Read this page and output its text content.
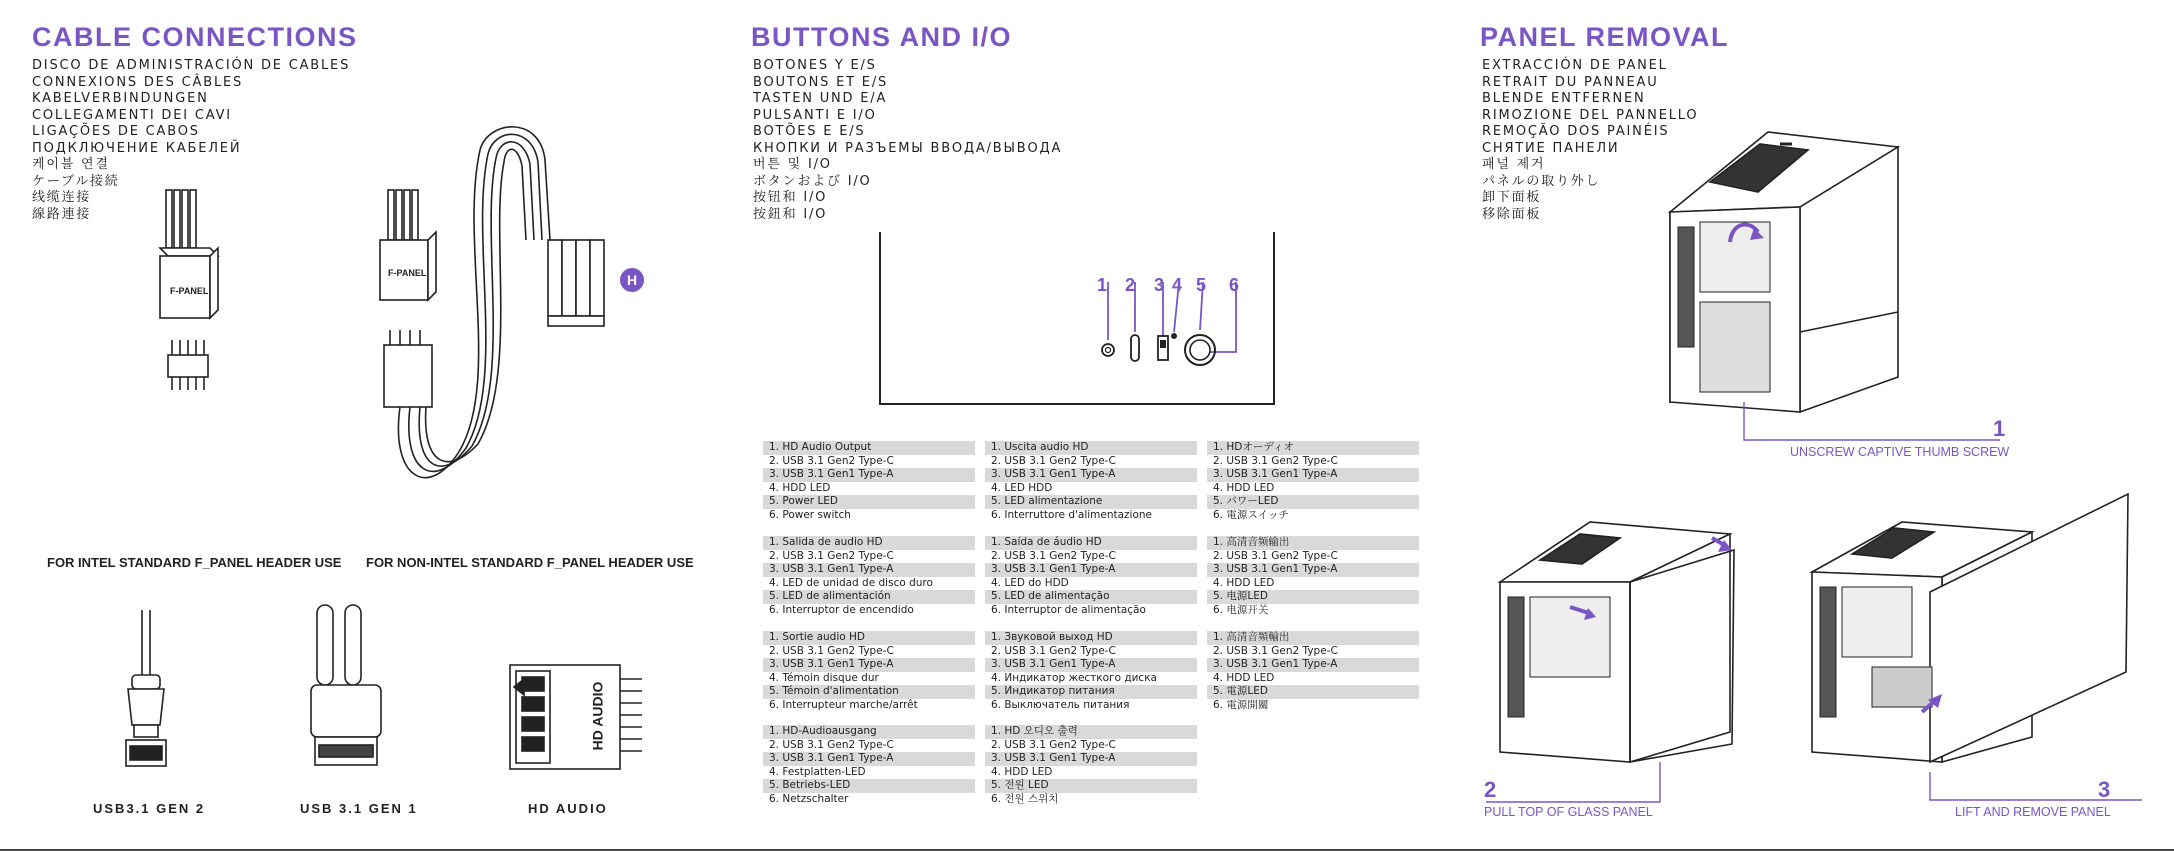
CABLE CONNECTIONS
DISCO DE ADMINISTRACIÓN DE CABLES
CONNEXIONS DES CÂBLES
KABELVERBINDUNGEN
COLLEGAMENTI DEI CAVI
LIGAÇÕES DE CABOS
ПОДКЛЮЧЕНИЕ КАБЕЛЕЙ
케이블 연결
ケーブル接続
线缆连接
線路連接
F-PANEL
F-PANEL	H
FOR INTEL STANDARD F_PANEL HEADER USE FOR NON-INTEL STANDARD F_PANEL HEADER USE
HD AUDIO
USB3.1 GEN 2	USB 3.1 GEN 1	HD AUDIO
BUTTONS AND I/O
BOTONES Y E/S
BOUTONS ET E/S
TASTEN UND E/A
PULSANTI E I/O
BOTÕES E E/S
КНОПКИ И РАЗЪЕМЫ ВВОДА/ВЫВОДА
버튼 및 I/O
ボタンおよび I/O
按钮和 I/O
按鈕和 I/O
1 2 3 4 5 6
1. HD Audio Output
2. USB 3.1 Gen2 Type-C
3. USB 3.1 Gen1 Type-A
4. HDD LED
5. Power LED
6. Power switch
1. Uscita audio HD
2. USB 3.1 Gen2 Type-C
3. USB 3.1 Gen1 Type-A
4. LED HDD
5. LED alimentazione
6. Interruttore d'alimentazione
1. HDオーディオ
2. USB 3.1 Gen2 Type-C
3. USB 3.1 Gen1 Type-A
4. HDD LED
5. パワーLED
6. 電源スイッチ
1. Salida de audio HD
2. USB 3.1 Gen2 Type-C
3. USB 3.1 Gen1 Type-A
4. LED de unidad de disco duro
5. LED de alimentación
6. Interruptor de encendido
1. Saída de áudio HD
2. USB 3.1 Gen2 Type-C
3. USB 3.1 Gen1 Type-A
4. LED do HDD
5. LED de alimentação
6. Interruptor de alimentação
1. 高清音频输出
2. USB 3.1 Gen2 Type-C
3. USB 3.1 Gen1 Type-A
4. HDD LED
5. 电源LED
6. 电源开关
1. Sortie audio HD
2. USB 3.1 Gen2 Type-C
3. USB 3.1 Gen1 Type-A
4. Témoin disque dur
5. Témoin d'alimentation
6. Interrupteur marche/arrêt
1. Звуковой выход HD
2. USB 3.1 Gen2 Type-C
3. USB 3.1 Gen1 Type-A
4. Индикатор жесткого диска
5. Индикатор питания
6. Выключатель питания
1. 高清音頻輸出
2. USB 3.1 Gen2 Type-C
3. USB 3.1 Gen1 Type-A
4. HDD LED
5. 電源LED
6. 電源開關
1. HD-Audioausgang
2. USB 3.1 Gen2 Type-C
3. USB 3.1 Gen1 Type-A
4. Festplatten-LED
5. Betriebs-LED
6. Netzschalter
1. HD 오디오 출력
2. USB 3.1 Gen2 Type-C
3. USB 3.1 Gen1 Type-A
4. HDD LED
5. 전원 LED
6. 전원 스위치
PANEL REMOVAL
EXTRACCIÓN DE PANEL
RETRAIT DU PANNEAU
BLENDE ENTFERNEN
RIMOZIONE DEL PANNELLO
REMOÇÃO DOS PAINÉIS
СНЯТИЕ ПАНЕЛИ
패널 제거
パネルの取り外し
卸下面板
移除面板
1
UNSCREW CAPTIVE THUMB SCREW
2
PULL TOP OF GLASS PANEL
3
LIFT AND REMOVE PANEL
